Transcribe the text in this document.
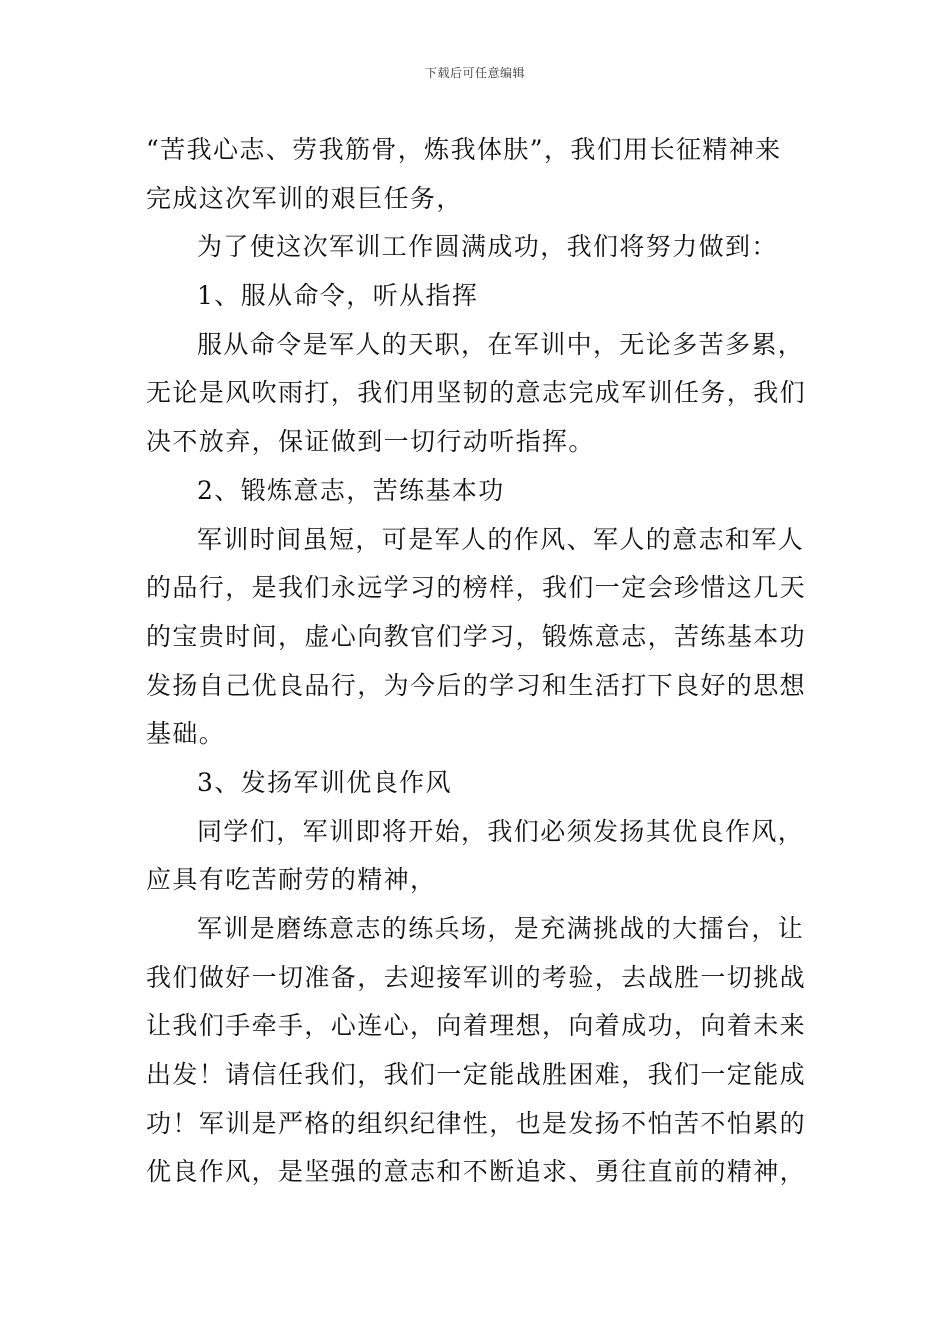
下载后可任意编辑
“苦我心志、劳我筋骨，炼我体肤”，我们用长征精神来
完成这次军训的艰巨任务，
为了使这次军训工作圆满成功，我们将努力做到：
1、服从命令，听从指挥
服从命令是军人的天职，在军训中，无论多苦多累，
无论是风吹雨打，我们用坚韧的意志完成军训任务，我们
决不放弃，保证做到一切行动听指挥。
2、锻炼意志，苦练基本功
军训时间虽短，可是军人的作风、军人的意志和军人
的品行，是我们永远学习的榜样，我们一定会珍惜这几天
的宝贵时间，虚心向教官们学习，锻炼意志，苦练基本功
发扬自己优良品行，为今后的学习和生活打下良好的思想
基础。
3、发扬军训优良作风
同学们，军训即将开始，我们必须发扬其优良作风，
应具有吃苦耐劳的精神，
军训是磨练意志的练兵场，是充满挑战的大擂台，让
我们做好一切准备，去迎接军训的考验，去战胜一切挑战
让我们手牵手，心连心，向着理想，向着成功，向着未来
出发！请信任我们，我们一定能战胜困难，我们一定能成
功！军训是严格的组织纪律性，也是发扬不怕苦不怕累的
优良作风，是坚强的意志和不断追求、勇往直前的精神，
